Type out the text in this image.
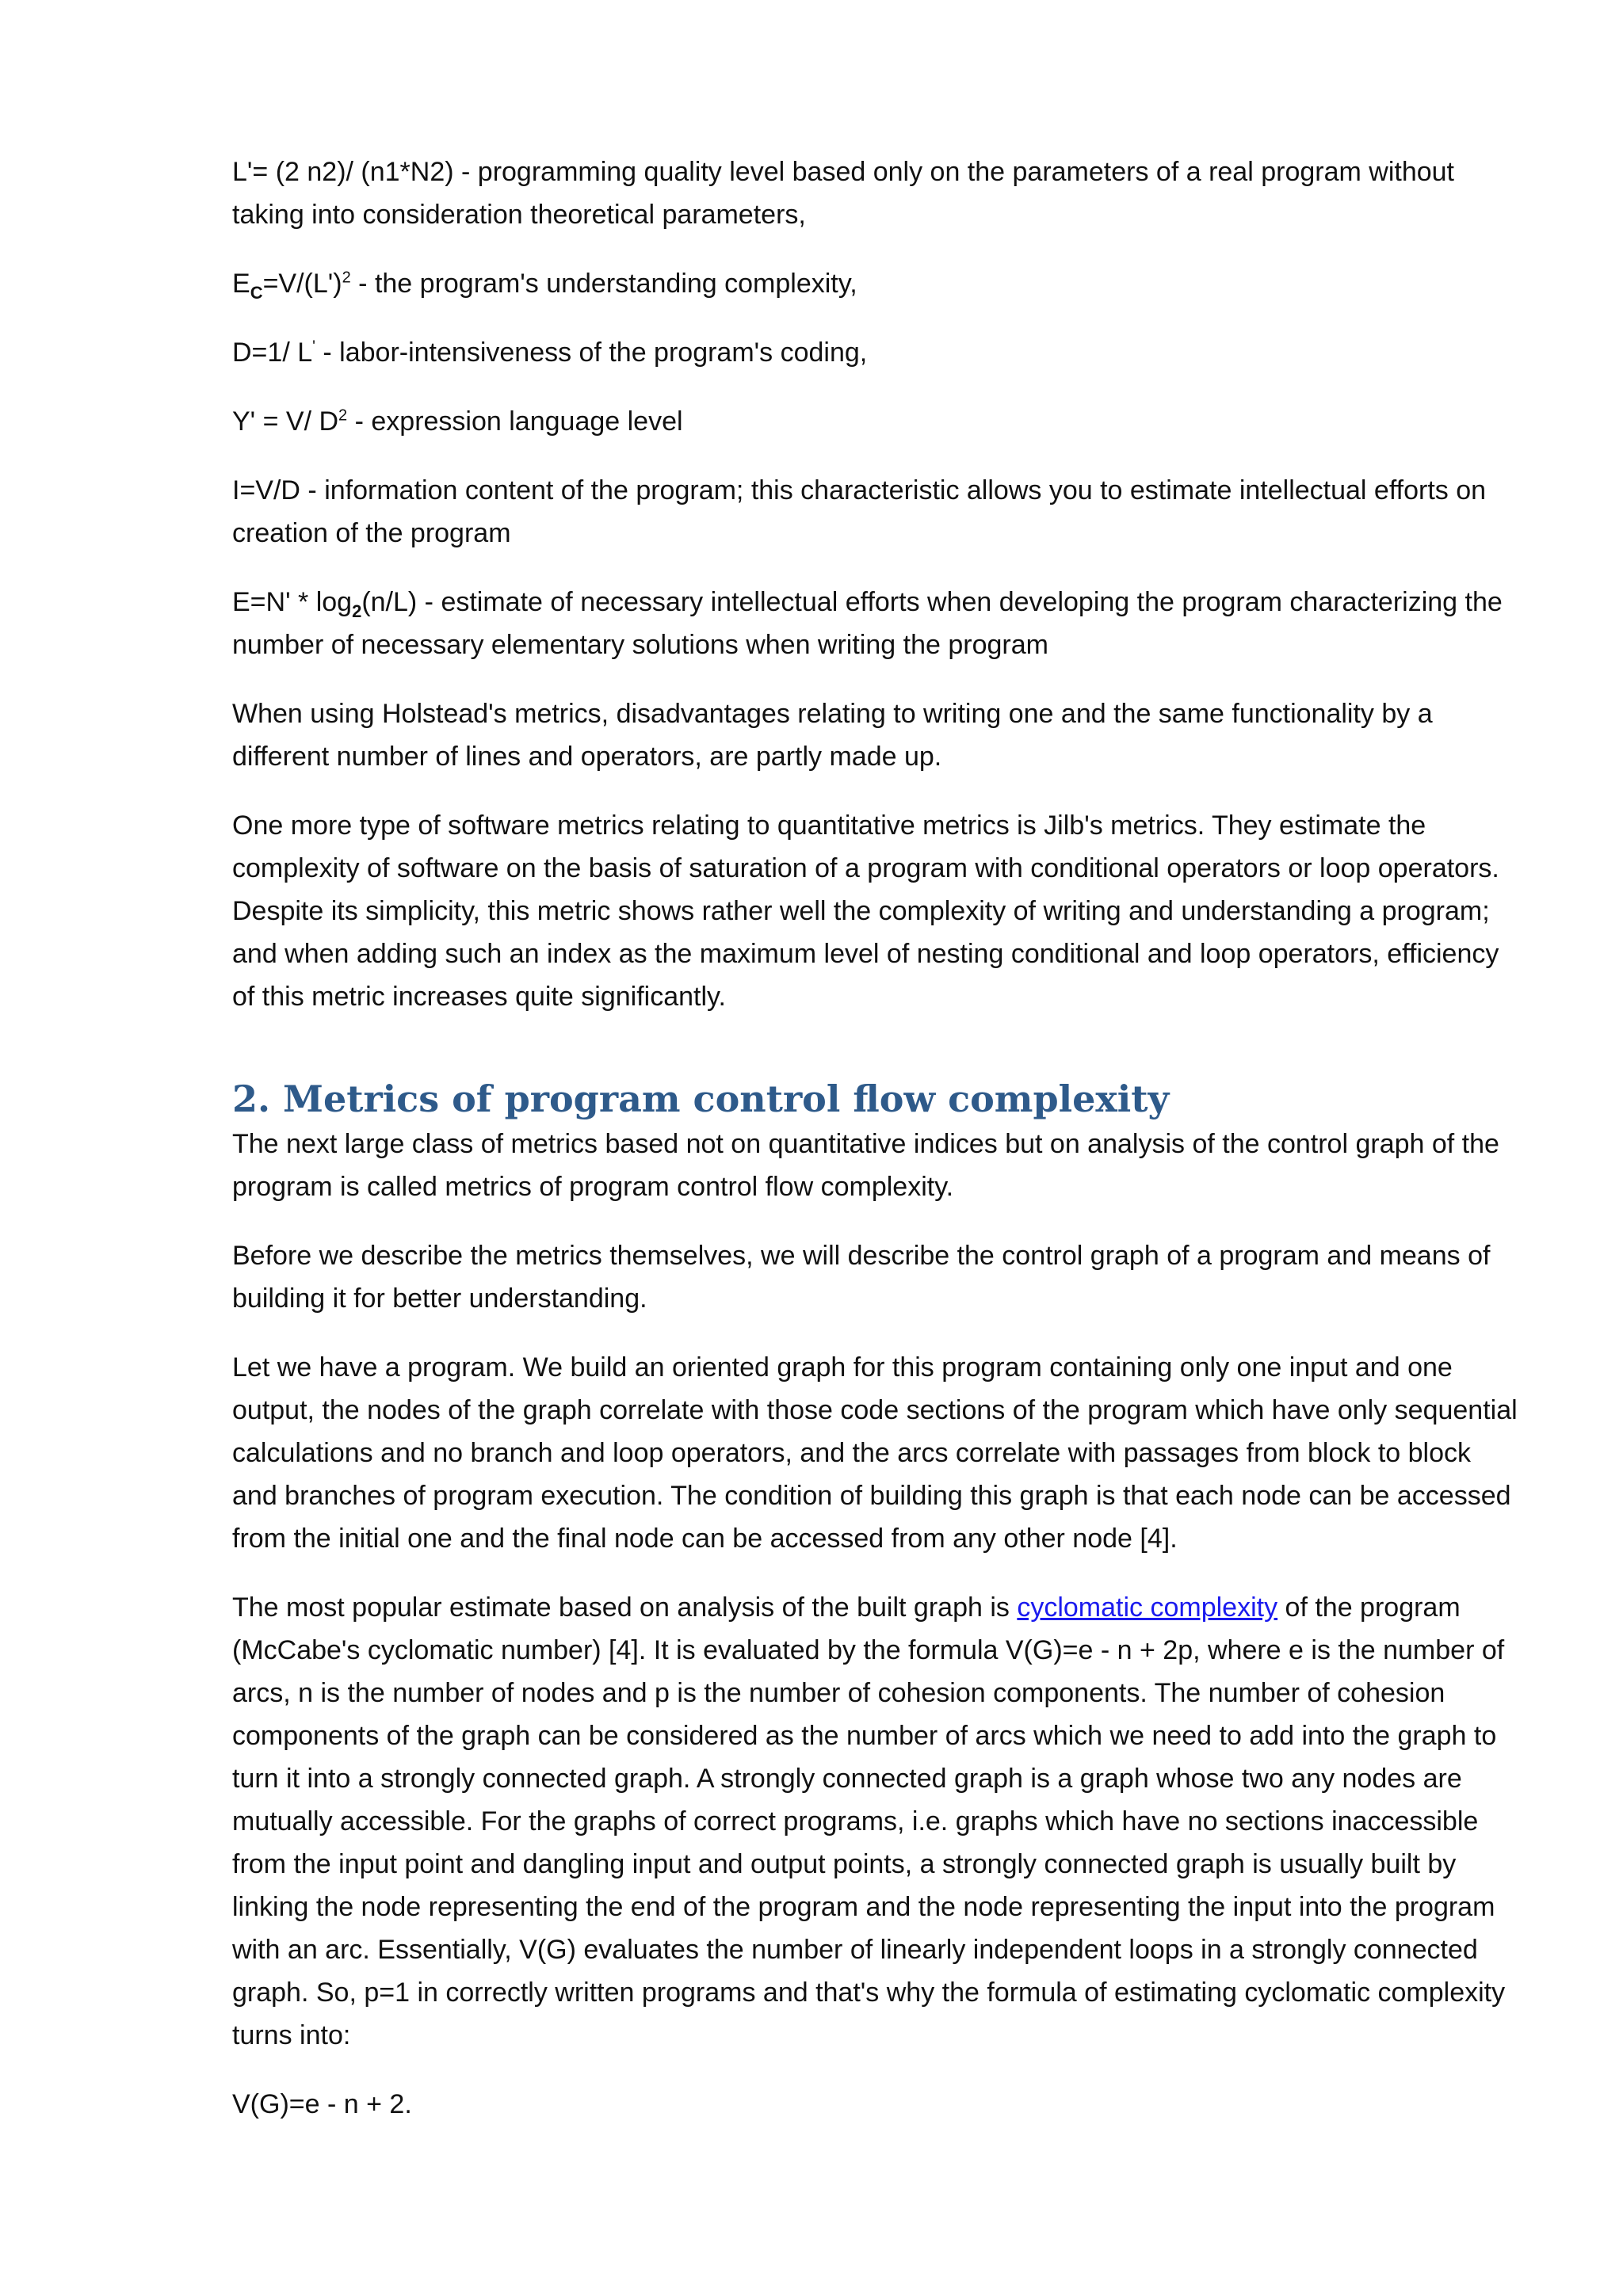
L'= (2 n2)/ (n1*N2) - programming quality level based only on the parameters of a real program without taking into consideration theoretical parameters,

$E_C=V/(L')^2$ - the program's understanding complexity,

D=1/ L' - labor-intensiveness of the program's coding,

Y' = V/ $D^2$ - expression language level

I=V/D - information content of the program; this characteristic allows you to estimate intellectual efforts on creation of the program

$E=N' * \log_2(n/L)$ - estimate of necessary intellectual efforts when developing the program characterizing the number of necessary elementary solutions when writing the program

When using Holstead's metrics, disadvantages relating to writing one and the same functionality by a different number of lines and operators, are partly made up.

One more type of software metrics relating to quantitative metrics is Jilb's metrics. They estimate the complexity of software on the basis of saturation of a program with conditional operators or loop operators. Despite its simplicity, this metric shows rather well the complexity of writing and understanding a program; and when adding such an index as the maximum level of nesting conditional and loop operators, efficiency of this metric increases quite significantly.

2. Metrics of program control flow complexity

The next large class of metrics based not on quantitative indices but on analysis of the control graph of the program is called metrics of program control flow complexity.

Before we describe the metrics themselves, we will describe the control graph of a program and means of building it for better understanding.

Let we have a program. We build an oriented graph for this program containing only one input and one output, the nodes of the graph correlate with those code sections of the program which have only sequential calculations and no branch and loop operators, and the arcs correlate with passages from block to block and branches of program execution. The condition of building this graph is that each node can be accessed from the initial one and the final node can be accessed from any other node [4].

The most popular estimate based on analysis of the built graph is cyclomatic complexity of the program (McCabe's cyclomatic number) [4]. It is evaluated by the formula V(G)=e - n + 2p, where e is the number of arcs, n is the number of nodes and p is the number of cohesion components. The number of cohesion components of the graph can be considered as the number of arcs which we need to add into the graph to turn it into a strongly connected graph. A strongly connected graph is a graph whose two any nodes are mutually accessible. For the graphs of correct programs, i.e. graphs which have no sections inaccessible from the input point and dangling input and output points, a strongly connected graph is usually built by linking the node representing the end of the program and the node representing the input into the program with an arc. Essentially, V(G) evaluates the number of linearly independent loops in a strongly connected graph. So, p=1 in correctly written programs and that's why the formula of estimating cyclomatic complexity turns into:

V(G)=e - n + 2.
